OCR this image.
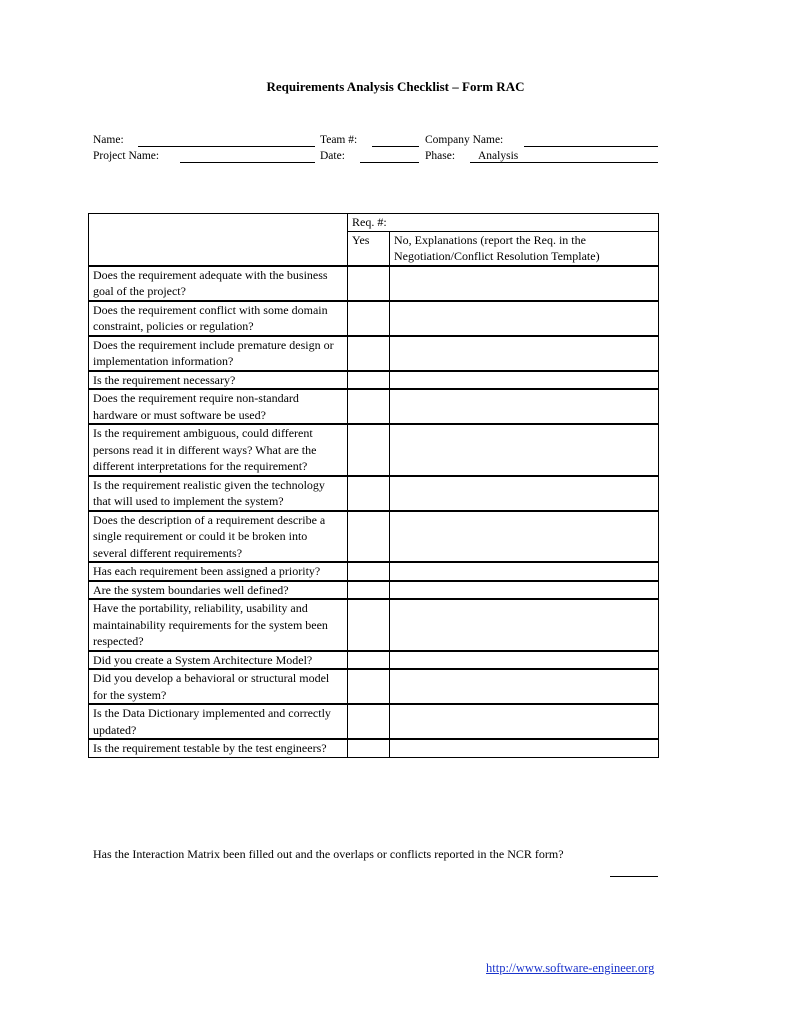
Requirements Analysis Checklist – Form RAC
Name:	Team #:	Company Name:
Project Name:	Date:	Phase: Analysis
	Req. #:	
	Yes	No, Explanations (report the Req. in the Negotiation/Conflict Resolution Template)
Does the requirement adequate with the business goal of the project?		
Does the requirement conflict with some domain constraint, policies or regulation?		
Does the requirement include premature design or implementation information?		
Is the requirement necessary?		
Does the requirement require non-standard hardware or must software be used?		
Is the requirement ambiguous, could different persons read it in different ways? What are the different interpretations for the requirement?		
Is the requirement realistic given the technology that will used to implement the system?		
Does the description of a requirement describe a single requirement or could it be broken into several different requirements?		
Has each requirement been assigned a priority?		
Are the system boundaries well defined?		
Have the portability, reliability, usability and maintainability requirements for the system been respected?		
Did you create a System Architecture Model?		
Did you develop a behavioral or structural model for the system?		
Is the Data Dictionary implemented and correctly updated?		
Is the requirement testable by the test engineers?		
Has the Interaction Matrix been filled out and the overlaps or conflicts reported in the NCR form?
http://www.software-engineer.org
